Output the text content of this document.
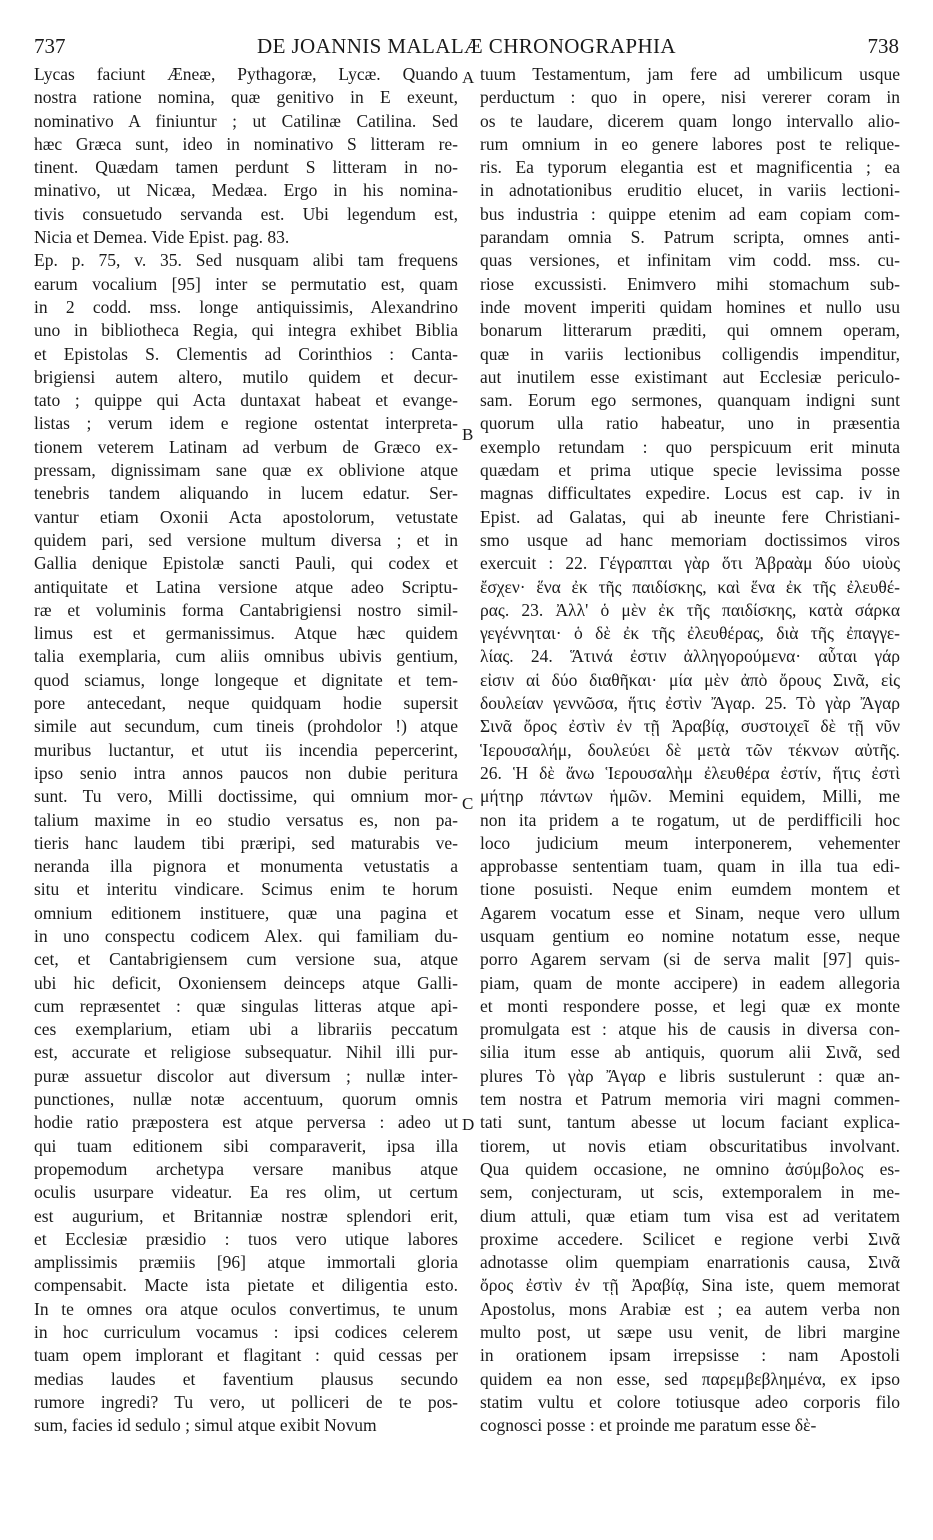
737	DE JOANNIS MALALÆ CHRONOGRAPHIA	738
Lycas faciunt Æneæ, Pythagoræ, Lycæ. Quando
nostra ratione nomina, quæ genitivo in E exeunt,
nominativo A finiuntur ; ut Catilinæ Catilina. Sed
hæc Græca sunt, ideo in nominativo S litteram re-
tinent. Quædam tamen perdunt S litteram in no-
minativo, ut Nicæa, Medæa. Ergo in his nomina-
tivis consuetudo servanda est. Ubi legendum est,
Nicia et Demea. Vide Epist. pag. 83.
Ep. p. 75, v. 35. Sed nusquam alibi tam frequens
earum vocalium [95] inter se permutatio est, quam
in 2 codd. mss. longe antiquissimis, Alexandrino
uno in bibliotheca Regia, qui integra exhibet Biblia
et Epistolas S. Clementis ad Corinthios : Canta-
brigiensi autem altero, mutilo quidem et decur-
tato ; quippe qui Acta duntaxat habeat et evange-
listas ; verum idem e regione ostentat interpreta-
tionem veterem Latinam ad verbum de Græco ex-
pressam, dignissimam sane quæ ex oblivione atque
tenebris tandem aliquando in lucem edatur. Ser-
vantur etiam Oxonii Acta apostolorum, vetustate
quidem pari, sed versione multum diversa ; et in
Gallia denique Epistolæ sancti Pauli, qui codex et
antiquitate et Latina versione atque adeo Scriptu-
ræ et voluminis forma Cantabrigiensi nostro simil-
limus est et germanissimus. Atque hæc quidem
talia exemplaria, cum aliis omnibus ubivis gentium,
quod sciamus, longe longeque et dignitate et tem-
pore antecedant, neque quidquam hodie supersit
simile aut secundum, cum tineis (prohdolor !) atque
muribus luctantur, et utut iis incendia pepercerint,
ipso senio intra annos paucos non dubie peritura
sunt. Tu vero, Milli doctissime, qui omnium mor-
talium maxime in eo studio versatus es, non pa-
tieris hanc laudem tibi præripi, sed maturabis ve-
neranda illa pignora et monumenta vetustatis a
situ et interitu vindicare. Scimus enim te horum
omnium editionem instituere, quæ una pagina et
in uno conspectu codicem Alex. qui familiam du-
cet, et Cantabrigiensem cum versione sua, atque
ubi hic deficit, Oxoniensem deinceps atque Galli-
cum repræsentet : quæ singulas litteras atque api-
ces exemplarium, etiam ubi a librariis peccatum
est, accurate et religiose subsequatur. Nihil illi pur-
puræ assuetur discolor aut diversum ; nullæ inter-
punctiones, nullæ notæ accentuum, quorum omnis
hodie ratio præpostera est atque perversa : adeo ut
qui tuam editionem sibi comparaverit, ipsa illa
propemodum archetypa versare manibus atque
oculis usurpare videatur. Ea res olim, ut certum
est augurium, et Britanniæ nostræ splendori erit,
et Ecclesiæ præsidio : tuos vero utique labores
amplissimis præmiis [96] atque immortali gloria
compensabit. Macte ista pietate et diligentia esto.
In te omnes ora atque oculos convertimus, te unum
in hoc curriculum vocamus : ipsi codices celerem
tuam opem implorant et flagitant : quid cessas per
medias laudes et faventium plausus secundo
rumore ingredi? Tu vero, ut polliceri de te pos-
sum, facies id sedulo ; simul atque exibit Novum
tuum Testamentum, jam fere ad umbilicum usque
perductum : quo in opere, nisi vererer coram in
os te laudare, dicerem quam longo intervallo alio-
rum omnium in eo genere labores post te reliquе-
ris. Ea typorum elegantia est et magnificentia ; ea
in adnotationibus eruditio elucet, in variis lectioni-
bus industria : quippe etenim ad eam copiam com-
parandam omnia S. Patrum scripta, omnes anti-
quas versiones, et infinitam vim codd. mss. cu-
riose excussisti. Enimvero mihi stomachum sub-
inde movent imperiti quidam homines et nullo usu
bonarum litterarum præditi, qui omnem operam,
quæ in variis lectionibus colligendis impenditur,
aut inutilem esse existimant aut Ecclesiæ periculo-
sam. Eorum ego sermones, quanquam indigni sunt
quorum ulla ratio habeatur, uno in præsentia
exemplo retundam : quo perspicuum erit minuta
quædam et prima utique specie levissima posse
magnas difficultates expedire. Locus est cap. iv in
Epist. ad Galatas, qui ab ineunte fere Christiani-
smo usque ad hanc memoriam doctissimos viros
exercuit : 22. Γέγραπται γὰρ ὅτι Ἀβραὰμ δύο υἱοὺς
ἔσχεν· ἕνα ἐκ τῆς παιδίσκης, καὶ ἕνα ἐκ τῆς ἐλευθέ-
ρας. 23. Ἀλλ' ὁ μὲν ἐκ τῆς παιδίσκης, κατὰ σάρκα
γεγέννηται· ὁ δὲ ἐκ τῆς ἐλευθέρας, διὰ τῆς ἐπαγγε-
λίας. 24. Ἅτινά ἐστιν ἀλληγορούμενα· αὗται γάρ
εἰσιν αἱ δύο διαθῆκαι· μία μὲν ἀπὸ ὄρους Σινᾶ, εἰς
δουλείαν γεννῶσα, ἥτις ἐστὶν Ἄγαρ. 25. Τὸ γὰρ Ἄγαρ
Σινᾶ ὄρος ἐστὶν ἐν τῇ Ἀραβίᾳ, συστοιχεῖ δὲ τῇ νῦν
Ἱερουσαλήμ, δουλεύει δὲ μετὰ τῶν τέκνων αὐτῆς.
26. Ἡ δὲ ἄνω Ἱερουσαλὴμ ἐλευθέρα ἐστίν, ἥτις ἐστὶ
μήτηρ πάντων ἡμῶν. Memini equidem, Milli, me
non ita pridem a te rogatum, ut de perdifficili hoc
loco judicium meum interponerem, vehementer
approbasse sententiam tuam, quam in illa tua edi-
tione posuisti. Neque enim eumdem montem et
Agarem vocatum esse et Sinam, neque vero ullum
usquam gentium eo nomine notatum esse, neque
porro Agarem servam (si de serva malit [97] quis-
piam, quam de monte accipere) in eadem allegoria
et monti respondere posse, et legi quæ ex monte
promulgata est : atque his de causis in diversa con-
silia itum esse ab antiquis, quorum alii Σινᾶ, sed
plures Τὸ γὰρ Ἄγαρ e libris sustulerunt : quæ an-
tem nostra et Patrum memoria viri magni commen-
tati sunt, tantum abesse ut locum faciant explica-
tiorem, ut novis etiam obscuritatibus involvant.
Qua quidem occasione, ne omnino ἀσύμβολος es-
sem, conjecturam, ut scis, extemporalem in me-
dium attuli, quæ etiam tum visa est ad veritatem
proxime accedere. Scilicet e regione verbi Σινᾶ
adnotasse olim quempiam enarrationis causa, Σινᾶ
ὄρος ἐστὶν ἐν τῇ Ἀραβίᾳ, Sina iste, quem memorat
Apostolus, mons Arabiæ est ; ea autem verba non
multo post, ut sæpe usu venit, de libri margine
in orationem ipsam irrepsisse : nam Apostoli
quidem ea non esse, sed παρεμβεβλημένα, ex ipso
statim vultu et colore totiusque adeo corporis filo
cognosci posse : et proinde me paratum esse δὲ-
A
B
C
D
